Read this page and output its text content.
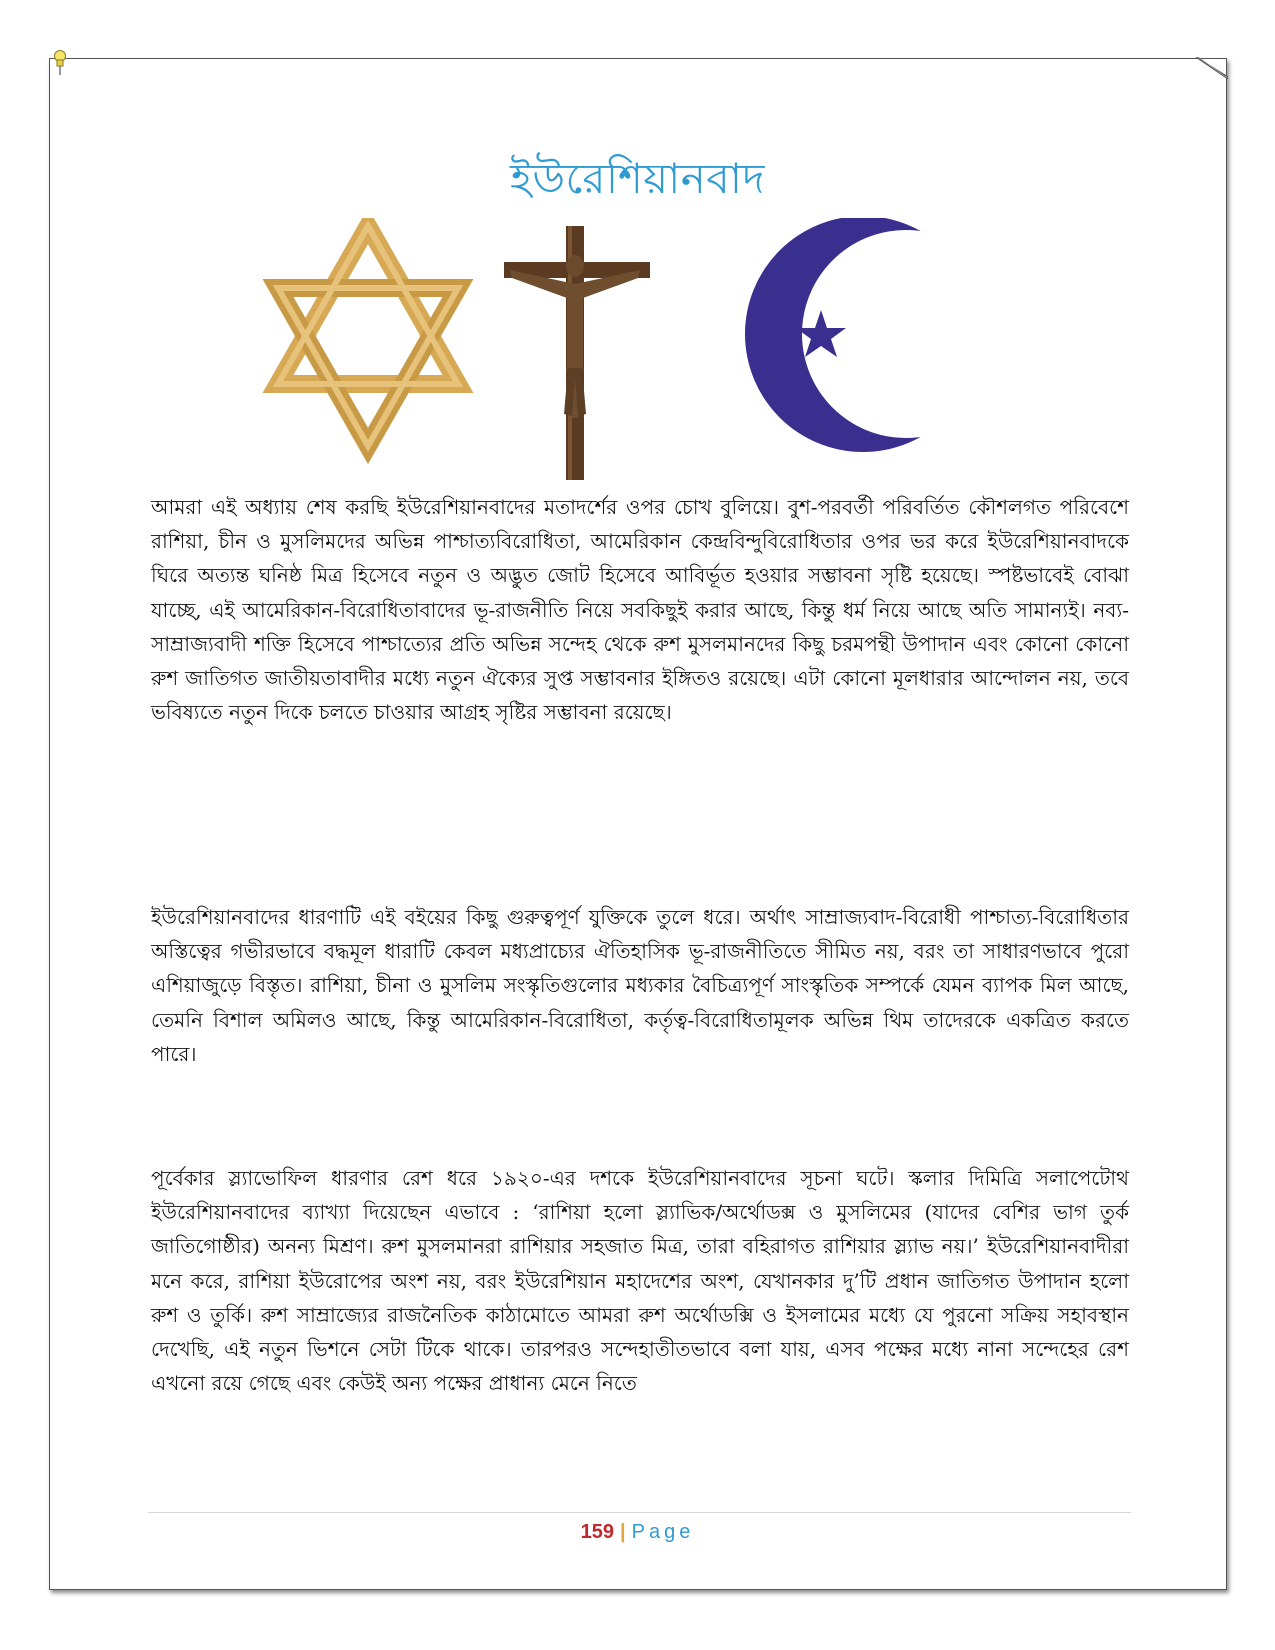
ইউরেশিয়ানবাদ

আমরা এই অধ্যায় শেষ করছি ইউরেশিয়ানবাদের মতাদর্শের ওপর চোখ বুলিয়ে। বুশ-পরবর্তী পরিবর্তিত কৌশলগত পরিবেশে রাশিয়া, চীন ও মুসলিমদের অভিন্ন পাশ্চাত্যবিরোধিতা, আমেরিকান কেন্দ্রবিন্দুবিরোধিতার ওপর ভর করে ইউরেশিয়ানবাদকে ঘিরে অত্যন্ত ঘনিষ্ঠ মিত্র হিসেবে নতুন ও অদ্ভুত জোট হিসেবে আবির্ভূত হওয়ার সম্ভাবনা সৃষ্টি হয়েছে। স্পষ্টভাবেই বোঝা যাচ্ছে, এই আমেরিকান-বিরোধিতাবাদের ভূ-রাজনীতি নিয়ে সবকিছুই করার আছে, কিন্তু ধর্ম নিয়ে আছে অতি সামান্যই। নব্য-সাম্রাজ্যবাদী শক্তি হিসেবে পাশ্চাত্যের প্রতি অভিন্ন সন্দেহ থেকে রুশ মুসলমানদের কিছু চরমপন্থী উপাদান এবং কোনো কোনো রুশ জাতিগত জাতীয়তাবাদীর মধ্যে নতুন ঐক্যের সুপ্ত সম্ভাবনার ইঙ্গিতও রয়েছে। এটা কোনো মূলধারার আন্দোলন নয়, তবে ভবিষ্যতে নতুন দিকে চলতে চাওয়ার আগ্রহ সৃষ্টির সম্ভাবনা রয়েছে।

ইউরেশিয়ানবাদের ধারণাটি এই বইয়ের কিছু গুরুত্বপূর্ণ যুক্তিকে তুলে ধরে। অর্থাৎ সাম্রাজ্যবাদ-বিরোধী পাশ্চাত্য-বিরোধিতার অস্তিত্বের গভীরভাবে বদ্ধমূল ধারাটি কেবল মধ্যপ্রাচ্যের ঐতিহাসিক ভূ-রাজনীতিতে সীমিত নয়, বরং তা সাধারণভাবে পুরো এশিয়াজুড়ে বিস্তৃত। রাশিয়া, চীনা ও মুসলিম সংস্কৃতিগুলোর মধ্যকার বৈচিত্র্যপূর্ণ সাংস্কৃতিক সম্পর্কে যেমন ব্যাপক মিল আছে, তেমনি বিশাল অমিলও আছে, কিন্তু আমেরিকান-বিরোধিতা, কর্তৃত্ব-বিরোধিতামূলক অভিন্ন থিম তাদেরকে একত্রিত করতে পারে।

পূর্বেকার স্ল্যাভোফিল ধারণার রেশ ধরে ১৯২০-এর দশকে ইউরেশিয়ানবাদের সূচনা ঘটে। স্কলার দিমিত্রি সলাপেটোথ ইউরেশিয়ানবাদের ব্যাখ্যা দিয়েছেন এভাবে : ‘রাশিয়া হলো স্ল্যাভিক/অর্থোডক্স ও মুসলিমের (যাদের বেশির ভাগ তুর্ক জাতিগোষ্ঠীর) অনন্য মিশ্রণ। রুশ মুসলমানরা রাশিয়ার সহজাত মিত্র, তারা বহিরাগত রাশিয়ার স্ল্যাভ নয়।’ ইউরেশিয়ানবাদীরা মনে করে, রাশিয়া ইউরোপের অংশ নয়, বরং ইউরেশিয়ান মহাদেশের অংশ, যেখানকার দু’টি প্রধান জাতিগত উপাদান হলো রুশ ও তুর্কি। রুশ সাম্রাজ্যের রাজনৈতিক কাঠামোতে আমরা রুশ অর্থোডক্সি ও ইসলামের মধ্যে যে পুরনো সক্রিয় সহাবস্থান দেখেছি, এই নতুন ভিশনে সেটা টিকে থাকে। তারপরও সন্দেহাতীতভাবে বলা যায়, এসব পক্ষের মধ্যে নানা সন্দেহের রেশ এখনো রয়ে গেছে এবং কেউই অন্য পক্ষের প্রাধান্য মেনে নিতে

159 | Page
